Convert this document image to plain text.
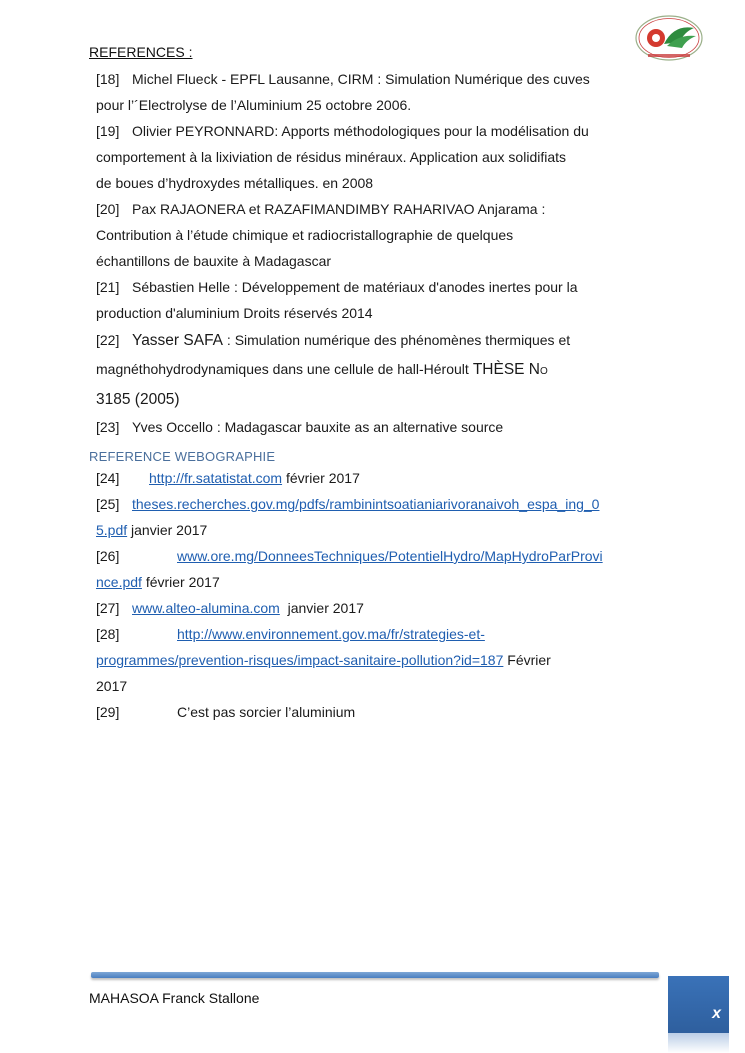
REFERENCES :
[18] Michel Flueck - EPFL Lausanne, CIRM : Simulation Numérique des cuves
pour l’´Electrolyse de l’Aluminium 25 octobre 2006.
[19] Olivier PEYRONNARD: Apports méthodologiques pour la modélisation du
comportement à la lixiviation de résidus minéraux. Application aux solidifiats
de boues d’hydroxydes métalliques. en 2008
[20] Pax RAJAONERA et RAZAFIMANDIMBY RAHARIVAO Anjarama :
Contribution à l’étude chimique et radiocristallographie de quelques
échantillons de bauxite à Madagascar
[21] Sébastien Helle : Développement de matériaux d'anodes inertes pour la
production d'aluminium Droits réservés 2014
[22] Yasser SAFA : Simulation numérique des phénomènes thermiques et
magnéthohydrodynamiques dans une cellule de hall-Héroult THÈSE NO
3185 (2005)
[23] Yves Occello : Madagascar bauxite as an alternative source
REFERENCE WEBOGRAPHIE
[24]	http://fr.satatistat.com février 2017
[25] theses.recherches.gov.mg/pdfs/rambinintsoatianiarivoranaivoh_espa_ing_0
5.pdf janvier 2017
[26]	www.ore.mg/DonneesTechniques/PotentielHydro/MapHydroParProvi
nce.pdf février 2017
[27] www.alteo-alumina.com  janvier 2017
[28]	http://www.environnement.gov.ma/fr/strategies-et-
programmes/prevention-risques/impact-sanitaire-pollution?id=187 Février
2017
[29]	C’est pas sorcier l’aluminium
MAHASOA Franck Stallone
x
